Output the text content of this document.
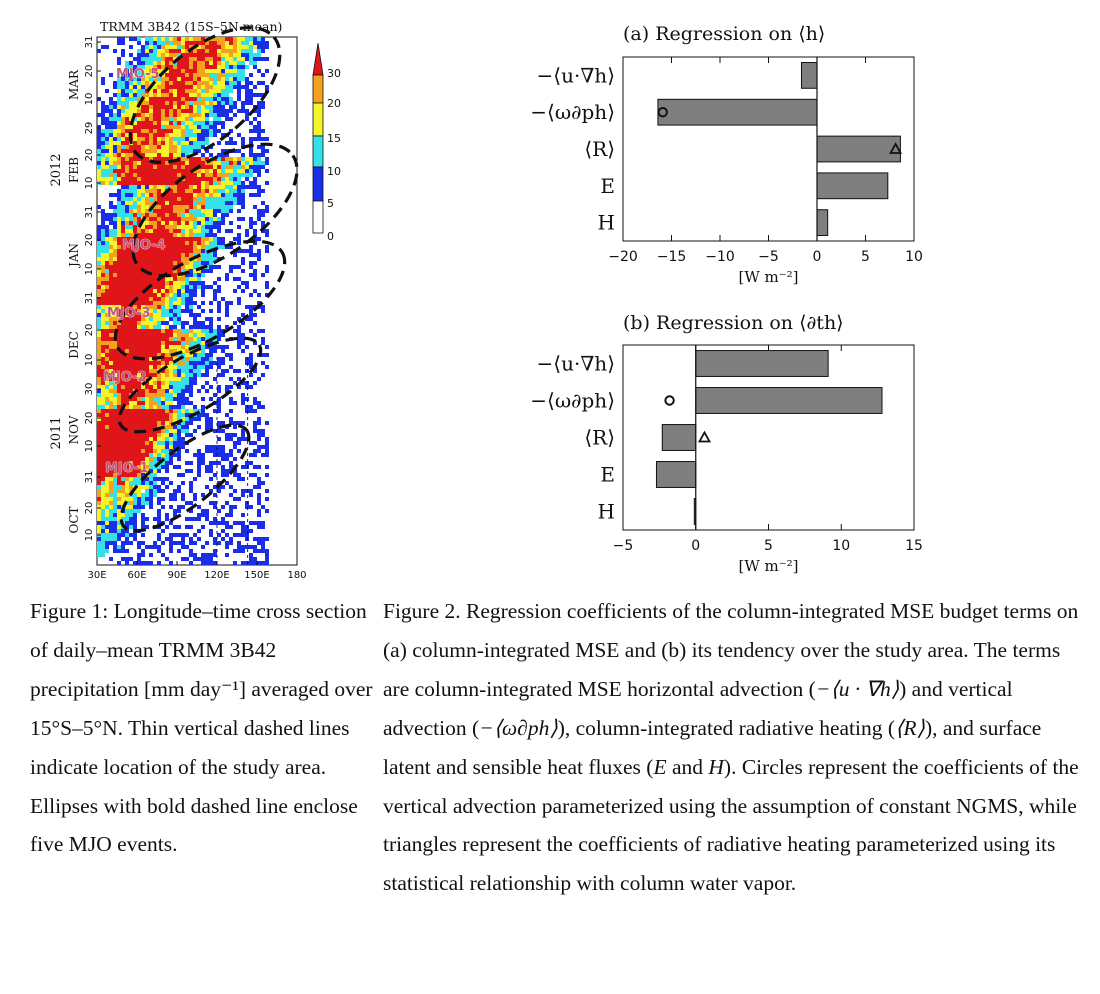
MJO-1
MJO-2
MJO-3
MJO-4
MJO-5
TRMM 3B42 (15S–5N mean)
30E 60E 90E 120E 150E 180
10
20
31
10
20
30
10
20
31
10
20
31
10
20
29
10
20
31
OCT
NOV
DEC
JAN
FEB
MAR
2011
2012
30
20
15
10
5
0
(a) Regression on ⟨h⟩
−⟨u·∇h⟩
−⟨ω∂ph⟩
⟨R⟩
E
H
−20 −15 −10 −5 0	5	10
[W m⁻²]
(b) Regression on ⟨∂th⟩
−⟨u·∇h⟩
−⟨ω∂ph⟩
⟨R⟩
E
H
−5	0	5	10	15
[W m⁻²]
Figure 1: Longitude–time cross section of daily–mean TRMM 3B42 precipitation [mm day⁻¹] averaged over 15°S–5°N. Thin vertical dashed lines indicate location of the study area. Ellipses with bold dashed line enclose five MJO events.
Figure 2. Regression coefficients of the column-integrated MSE budget terms on (a) column-integrated MSE and (b) its tendency over the study area. The terms are column-integrated MSE horizontal advection (−⟨u · ∇h⟩) and vertical advection (−⟨ω∂ph⟩), column-integrated radiative heating (⟨R⟩), and surface latent and sensible heat fluxes (E and H). Circles represent the coefficients of the vertical advection parameterized using the assumption of constant NGMS, while triangles represent the coefficients of radiative heating parameterized using its statistical relationship with column water vapor.
